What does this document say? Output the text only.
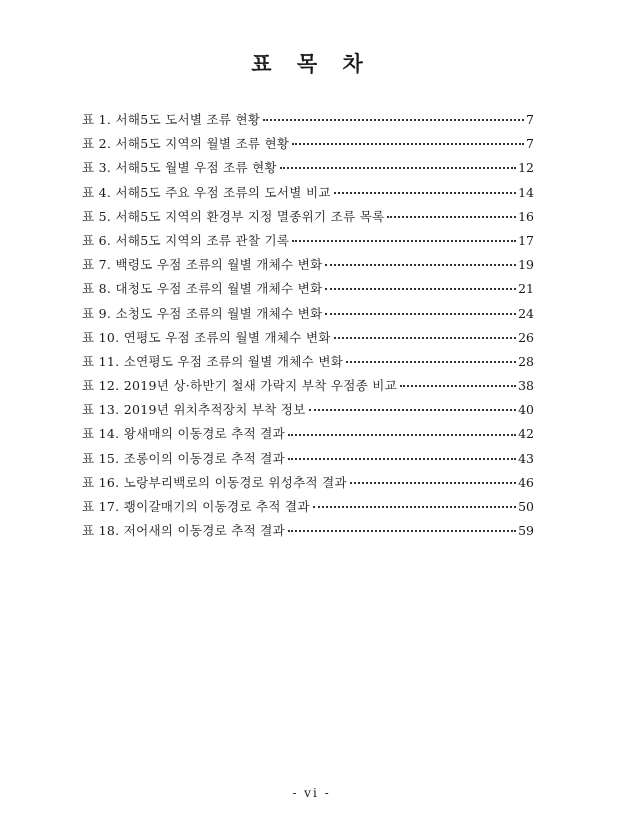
표 목 차
표 1. 서해5도 도서별 조류 현황	7
표 2. 서해5도 지역의 월별 조류 현황	7
표 3. 서해5도 월별 우점 조류 현황	12
표 4. 서해5도 주요 우점 조류의 도서별 비교	14
표 5. 서해5도 지역의 환경부 지정 멸종위기 조류 목록	16
표 6. 서해5도 지역의 조류 관찰 기록	17
표 7. 백령도 우점 조류의 월별 개체수 변화	19
표 8. 대청도 우점 조류의 월별 개체수 변화	21
표 9. 소청도 우점 조류의 월별 개체수 변화	24
표 10. 연평도 우점 조류의 월별 개체수 변화	26
표 11. 소연평도 우점 조류의 월별 개체수 변화	28
표 12. 2019년 상·하반기 철새 가락지 부착 우점종 비교	38
표 13. 2019년 위치추적장치 부착 정보	40
표 14. 왕새매의 이동경로 추적 결과	42
표 15. 조롱이의 이동경로 추적 결과	43
표 16. 노랑부리백로의 이동경로 위성추적 결과	46
표 17. 쾡이갈매기의 이동경로 추적 결과	50
표 18. 저어새의 이동경로 추적 결과	59
- vi -
